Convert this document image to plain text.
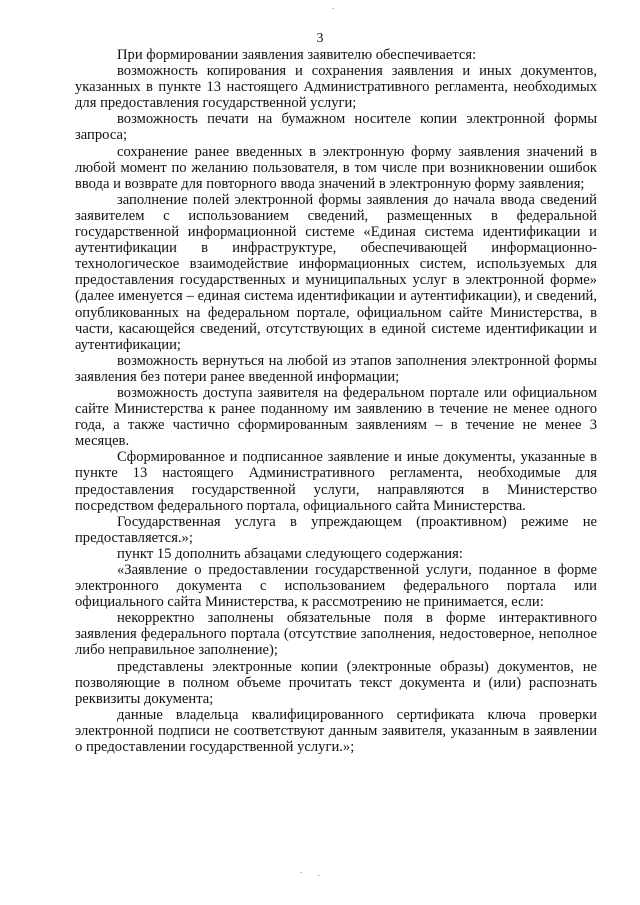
3

При формировании заявления заявителю обеспечивается:

возможность копирования и сохранения заявления и иных документов, указанных в пункте 13 настоящего Административного регламента, необходимых для предоставления государственной услуги;

возможность печати на бумажном носителе копии электронной формы запроса;

сохранение ранее введенных в электронную форму заявления значений в любой момент по желанию пользователя, в том числе при возникновении ошибок ввода и возврате для повторного ввода значений в электронную форму заявления;

заполнение полей электронной формы заявления до начала ввода сведений заявителем с использованием сведений, размещенных в федеральной государственной информационной системе «Единая система идентификации и аутентификации в инфраструктуре, обеспечивающей информационно-технологическое взаимодействие информационных систем, используемых для предоставления государственных и муниципальных услуг в электронной форме» (далее именуется – единая система идентификации и аутентификации), и сведений, опубликованных на федеральном портале, официальном сайте Министерства, в части, касающейся сведений, отсутствующих в единой системе идентификации и аутентификации;

возможность вернуться на любой из этапов заполнения электронной формы заявления без потери ранее введенной информации;

возможность доступа заявителя на федеральном портале или официальном сайте Министерства к ранее поданному им заявлению в течение не менее одного года, а также частично сформированным заявлениям – в течение не менее 3 месяцев.

Сформированное и подписанное заявление и иные документы, указанные в пункте 13 настоящего Административного регламента, необходимые для предоставления государственной услуги, направляются в Министерство посредством федерального портала, официального сайта Министерства.

Государственная услуга в упреждающем (проактивном) режиме не предоставляется.»;

пункт 15 дополнить абзацами следующего содержания:

«Заявление о предоставлении государственной услуги, поданное в форме электронного документа с использованием федерального портала или официального сайта Министерства, к рассмотрению не принимается, если:

некорректно заполнены обязательные поля в форме интерактивного заявления федерального портала (отсутствие заполнения, недостоверное, неполное либо неправильное заполнение);

представлены электронные копии (электронные образы) документов, не позволяющие в полном объеме прочитать текст документа и (или) распознать реквизиты документа;

данные владельца квалифицированного сертификата ключа проверки электронной подписи не соответствуют данным заявителя, указанным в заявлении о предоставлении государственной услуги.»;
